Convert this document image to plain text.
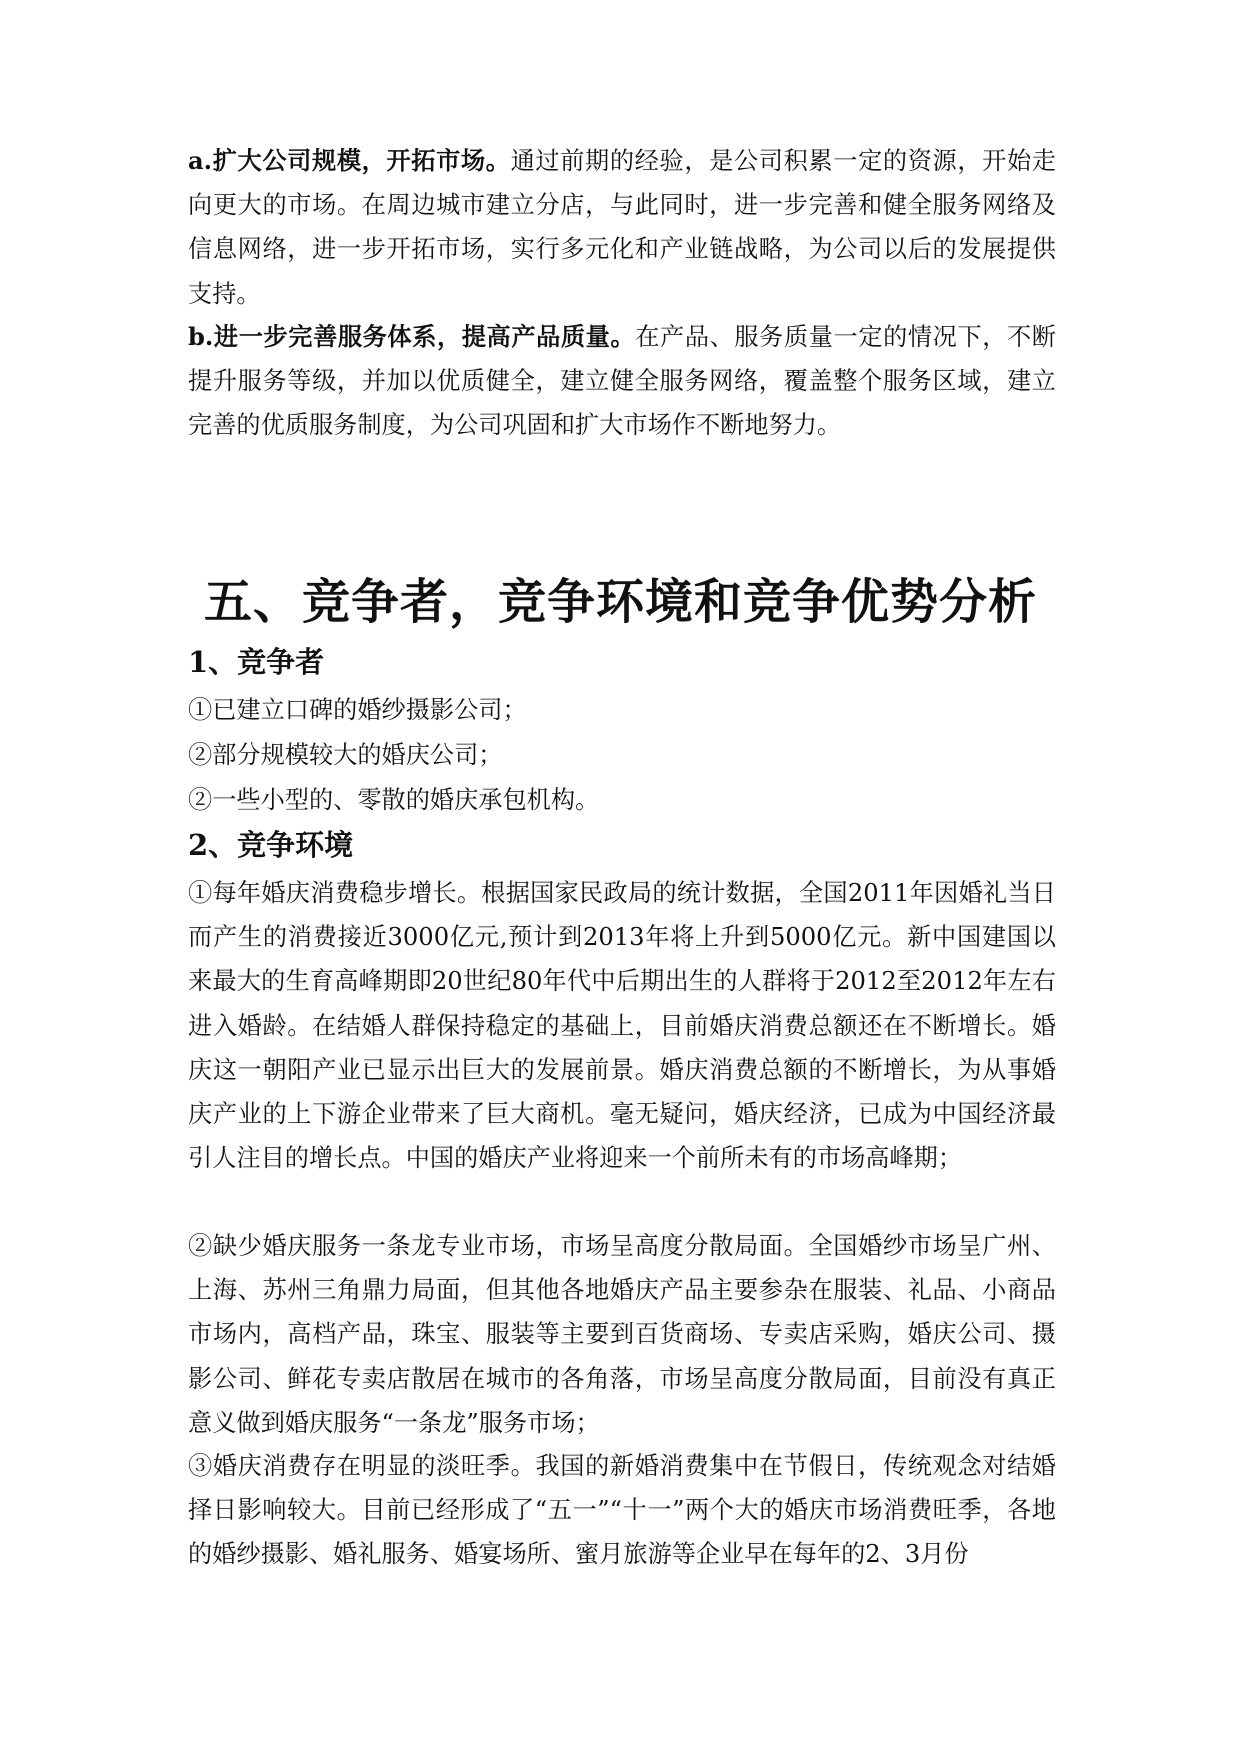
a.扩大公司规模，开拓市场。通过前期的经验，是公司积累一定的资源，开始走向更大的市场。在周边城市建立分店，与此同时，进一步完善和健全服务网络及信息网络，进一步开拓市场，实行多元化和产业链战略，为公司以后的发展提供支持。
b.进一步完善服务体系，提高产品质量。在产品、服务质量一定的情况下，不断提升服务等级，并加以优质健全，建立健全服务网络，覆盖整个服务区域，建立完善的优质服务制度，为公司巩固和扩大市场作不断地努力。
五、竞争者，竞争环境和竞争优势分析
1、竞争者
①已建立口碑的婚纱摄影公司；
②部分规模较大的婚庆公司；
②一些小型的、零散的婚庆承包机构。
2、竞争环境
①每年婚庆消费稳步增长。根据国家民政局的统计数据，全国2011年因婚礼当日而产生的消费接近3000亿元,预计到2013年将上升到5000亿元。新中国建国以来最大的生育高峰期即20世纪80年代中后期出生的人群将于2012至2012年左右进入婚龄。在结婚人群保持稳定的基础上，目前婚庆消费总额还在不断增长。婚庆这一朝阳产业已显示出巨大的发展前景。婚庆消费总额的不断增长，为从事婚庆产业的上下游企业带来了巨大商机。毫无疑问，婚庆经济，已成为中国经济最引人注目的增长点。中国的婚庆产业将迎来一个前所未有的市场高峰期；
②缺少婚庆服务一条龙专业市场，市场呈高度分散局面。全国婚纱市场呈广州、上海、苏州三角鼎力局面，但其他各地婚庆产品主要参杂在服装、礼品、小商品市场内，高档产品，珠宝、服装等主要到百货商场、专卖店采购，婚庆公司、摄影公司、鲜花专卖店散居在城市的各角落，市场呈高度分散局面，目前没有真正意义做到婚庆服务“一条龙”服务市场；
③婚庆消费存在明显的淡旺季。我国的新婚消费集中在节假日，传统观念对结婚择日影响较大。目前已经形成了“五一”“十一”两个大的婚庆市场消费旺季，各地的婚纱摄影、婚礼服务、婚宴场所、蜜月旅游等企业早在每年的2、3月份
